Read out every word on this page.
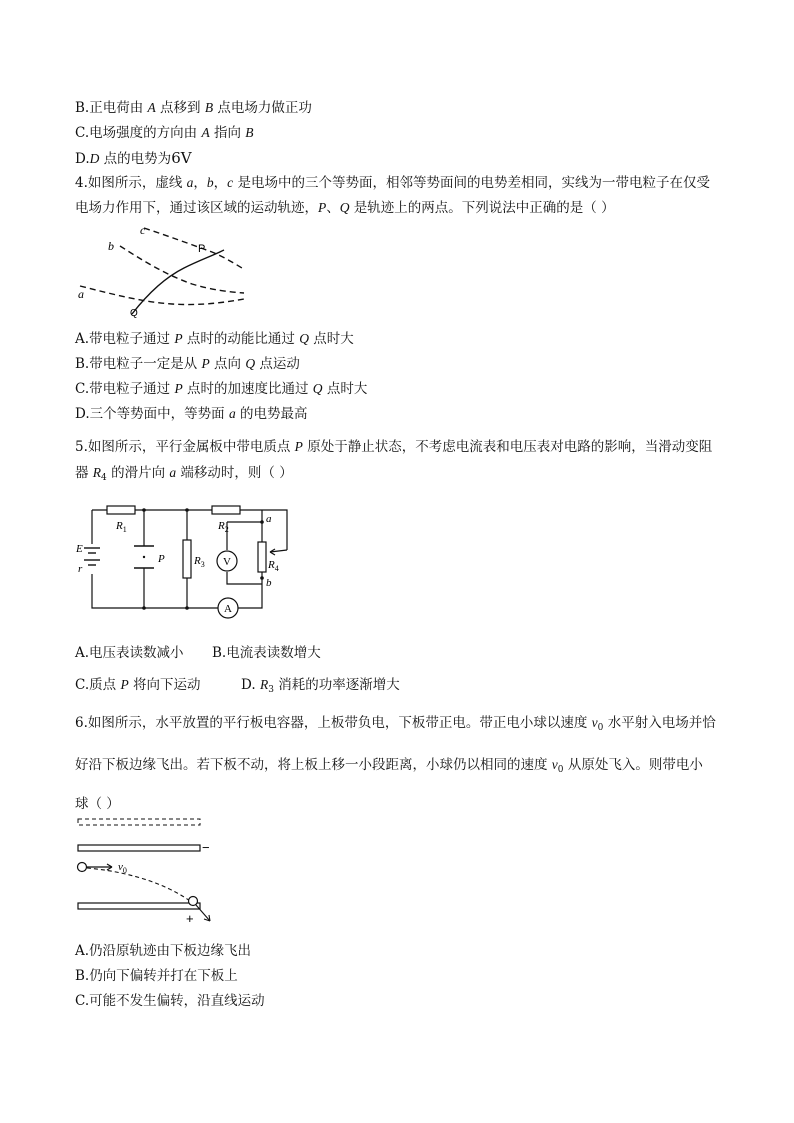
B.正电荷由 A 点移到 B 点电场力做正功
C.电场强度的方向由 A 指向 B
D.D 点的电势为6V
4.如图所示，虚线 a，b，c 是电场中的三个等势面，相邻等势面间的电势差相同，实线为一带电粒子在仅受
电场力作用下，通过该区域的运动轨迹，P、Q 是轨迹上的两点。下列说法中正确的是（ ）
c
b
a
P
Q
A.带电粒子通过 P 点时的动能比通过 Q 点时大
B.带电粒子一定是从 P 点向 Q 点运动
C.带电粒子通过 P 点时的加速度比通过 Q 点时大
D.三个等势面中，等势面 a 的电势最高
5.如图所示，平行金属板中带电质点 P 原处于静止状态，不考虑电流表和电压表对电路的影响，当滑动变阻
器 $R_4$ 的滑片向 a 端移动时，则（ ）
V
A
$R_1$	$R_2$
$R_3$	$R_4$
E
r
P
a
b
A.电压表读数减小 B.电流表读数增大
C.质点 P 将向下运动	D. $R_3$ 消耗的功率逐渐增大
6.如图所示，水平放置的平行板电容器，上板带负电，下板带正电。带正电小球以速度 $v_0$ 水平射入电场并恰
好沿下板边缘飞出。若下板不动，将上板上移一小段距离，小球仍以相同的速度 $v_0$ 从原处飞入。则带电小
球（ ）
−
+
$v_0$
A.仍沿原轨迹由下板边缘飞出
B.仍向下偏转并打在下板上
C.可能不发生偏转，沿直线运动
